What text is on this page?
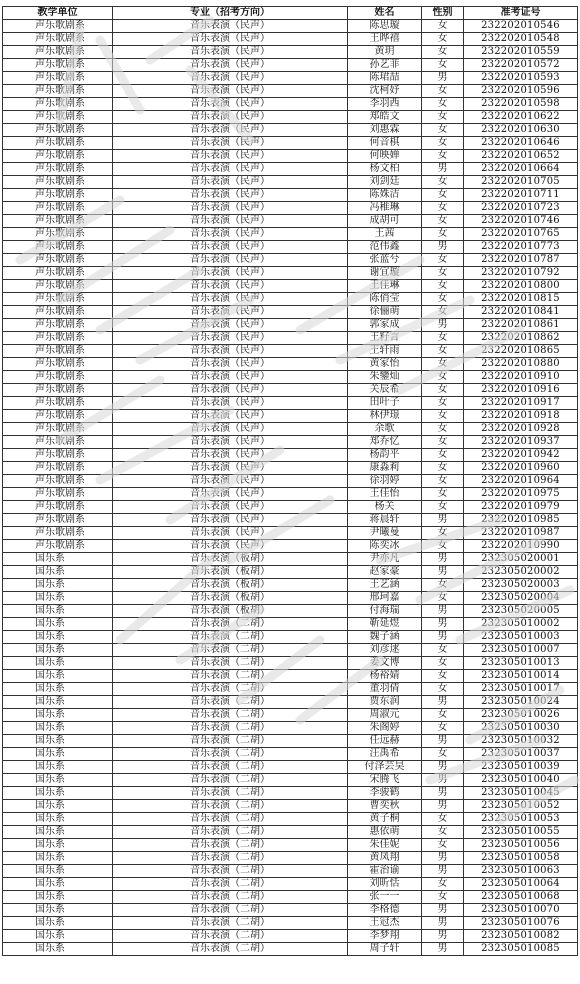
教学单位	专业（招考方向）	姓名	性别	准考证号
声乐歌剧系	音乐表演（民声）	陈思璇	女	232202010546
声乐歌剧系	音乐表演（民声）	王晔禧	女	232202010548
声乐歌剧系	音乐表演（民声）	黄玥	女	232202010559
声乐歌剧系	音乐表演（民声）	孙艺菲	女	232202010572
声乐歌剧系	音乐表演（民声）	陈珺喆	男	232202010593
声乐歌剧系	音乐表演（民声）	沈柯妤	女	232202010596
声乐歌剧系	音乐表演（民声）	李羽西	女	232202010598
声乐歌剧系	音乐表演（民声）	郑皓文	女	232202010622
声乐歌剧系	音乐表演（民声）	刘惠霖	女	232202010630
声乐歌剧系	音乐表演（民声）	何音棋	女	232202010646
声乐歌剧系	音乐表演（民声）	何映婵	女	232202010652
声乐歌剧系	音乐表演（民声）	杨文柏	男	232202010664
声乐歌剧系	音乐表演（民声）	刘剑廷	女	232202010705
声乐歌剧系	音乐表演（民声）	陈姝洁	女	232202010711
声乐歌剧系	音乐表演（民声）	冯稚琳	女	232202010723
声乐歌剧系	音乐表演（民声）	成胡可	女	232202010746
声乐歌剧系	音乐表演（民声）	王茜	女	232202010765
声乐歌剧系	音乐表演（民声）	范伟鑫	男	232202010773
声乐歌剧系	音乐表演（民声）	张蓝兮	女	232202010787
声乐歌剧系	音乐表演（民声）	谢宜璇	女	232202010792
声乐歌剧系	音乐表演（民声）	王佳琳	女	232202010800
声乐歌剧系	音乐表演（民声）	陈俏莹	女	232202010815
声乐歌剧系	音乐表演（民声）	徐俪萌	女	232202010841
声乐歌剧系	音乐表演（民声）	郭家成	男	232202010861
声乐歌剧系	音乐表演（民声）	王籽言	女	232202010862
声乐歌剧系	音乐表演（民声）	王轩雨	女	232202010865
声乐歌剧系	音乐表演（民声）	黄家怡	女	232202010880
声乐歌剧系	音乐表演（民声）	朱鑾灿	女	232202010910
声乐歌剧系	音乐表演（民声）	关辰希	女	232202010916
声乐歌剧系	音乐表演（民声）	田叶子	女	232202010917
声乐歌剧系	音乐表演（民声）	林伊璟	女	232202010918
声乐歌剧系	音乐表演（民声）	余歌	女	232202010928
声乐歌剧系	音乐表演（民声）	郑乔忆	女	232202010937
声乐歌剧系	音乐表演（民声）	杨韵平	女	232202010942
声乐歌剧系	音乐表演（民声）	康淼莉	女	232202010960
声乐歌剧系	音乐表演（民声）	徐羽婷	女	232202010964
声乐歌剧系	音乐表演（民声）	王佳怡	女	232202010975
声乐歌剧系	音乐表演（民声）	杨关	女	232202010979
声乐歌剧系	音乐表演（民声）	蒋晨轩	男	232202010985
声乐歌剧系	音乐表演（民声）	尹曦曼	女	232202010987
声乐歌剧系	音乐表演（民声）	陈奕冰	女	232202010990
国乐系	音乐表演（板胡）	尹亦凡	男	232305020001
国乐系	音乐表演（板胡）	赵家豪	男	232305020002
国乐系	音乐表演（板胡）	王艺涵	女	232305020003
国乐系	音乐表演（板胡）	邢珂嘉	女	232305020004
国乐系	音乐表演（板胡）	付海瑞	男	232305020005
国乐系	音乐表演（二胡）	靳延煜	男	232305010002
国乐系	音乐表演（二胡）	魏子涵	男	232305010003
国乐系	音乐表演（二胡）	刘彦逑	女	232305010007
国乐系	音乐表演（二胡）	姜文博	女	232305010013
国乐系	音乐表演（二胡）	杨裕婧	女	232305010014
国乐系	音乐表演（二胡）	董羽倩	女	232305010017
国乐系	音乐表演（二胡）	贾东润	男	232305010024
国乐系	音乐表演（二胡）	周淑元	女	232305010026
国乐系	音乐表演（二胡）	朱阁婷	女	232305010030
国乐系	音乐表演（二胡）	任远赫	男	232305010032
国乐系	音乐表演（二胡）	汪禹希	女	232305010037
国乐系	音乐表演（二胡）	付泽芸昊	男	232305010039
国乐系	音乐表演（二胡）	宋腾飞	男	232305010040
国乐系	音乐表演（二胡）	李骏鹤	男	232305010045
国乐系	音乐表演（二胡）	曹奕秋	男	232305010052
国乐系	音乐表演（二胡）	黄子桐	女	232305010053
国乐系	音乐表演（二胡）	惠依萌	女	232305010055
国乐系	音乐表演（二胡）	朱佳妮	女	232305010056
国乐系	音乐表演（二胡）	黄凤翔	男	232305010058
国乐系	音乐表演（二胡）	霍治谕	男	232305010063
国乐系	音乐表演（二胡）	刘昕恬	女	232305010064
国乐系	音乐表演（二胡）	张一一	女	232305010068
国乐系	音乐表演（二胡）	李格德	男	232305010070
国乐系	音乐表演（二胡）	王冠杰	男	232305010076
国乐系	音乐表演（二胡）	李梦翔	男	232305010082
国乐系	音乐表演（二胡）	周子轩	男	232305010085
